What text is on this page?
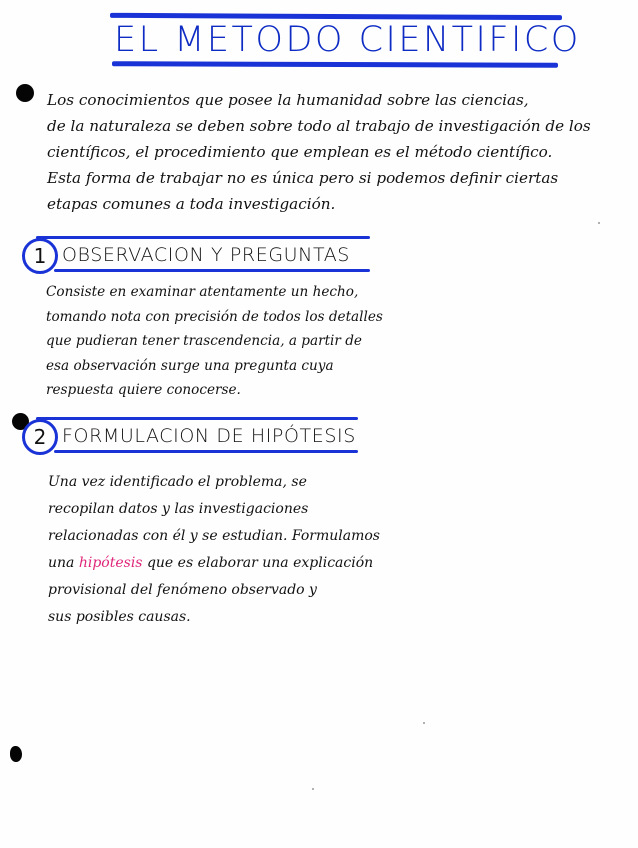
EL METODO CIENTIFICO
Los conocimientos que posee la humanidad sobre las ciencias,
de la naturaleza se deben sobre todo al trabajo de investigación de los
científicos, el procedimiento que emplean es el método científico.
Esta forma de trabajar no es única pero si podemos definir ciertas
etapas comunes a toda investigación.
1 OBSERVACION Y PREGUNTAS
Consiste en examinar atentamente un hecho,
tomando nota con precisión de todos los detalles
que pudieran tener trascendencia, a partir de
esa observación surge una pregunta cuya
respuesta quiere conocerse.
2 FORMULACION DE HIPÓTESIS
Una vez identificado el problema, se
recopilan datos y las investigaciones
relacionadas con él y se estudian. Formulamos
una hipótesis que es elaborar una explicación
provisional del fenómeno observado y
sus posibles causas.
